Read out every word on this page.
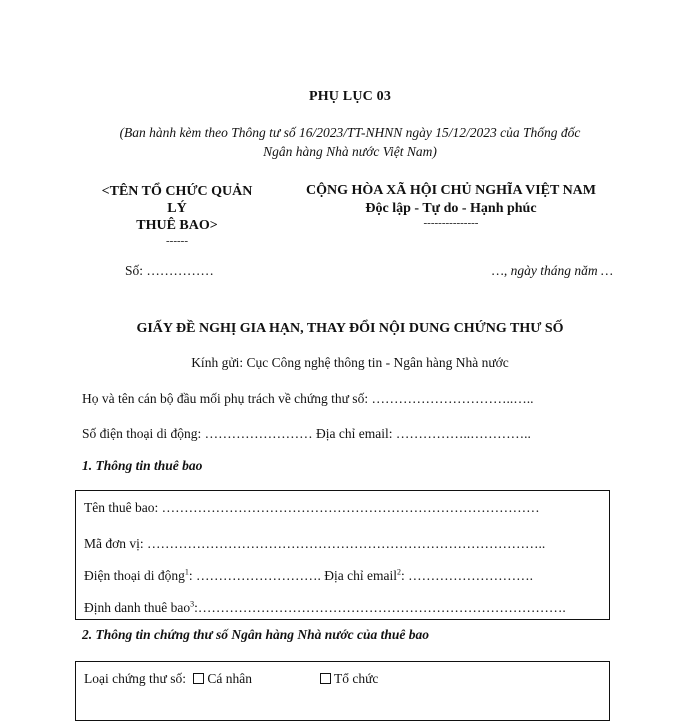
PHỤ LỤC 03
(Ban hành kèm theo Thông tư số 16/2023/TT-NHNN ngày 15/12/2023 của Thống đốc
Ngân hàng Nhà nước Việt Nam)
<TÊN TỔ CHỨC QUẢN
LÝ
THUÊ BAO>
------
CỘNG HÒA XÃ HỘI CHỦ NGHĨA VIỆT NAM
Độc lập - Tự do - Hạnh phúc
---------------
Số: ……………	…, ngày tháng năm …
GIẤY ĐỀ NGHỊ GIA HẠN, THAY ĐỔI NỘI DUNG CHỨNG THƯ SỐ
Kính gửi: Cục Công nghệ thông tin - Ngân hàng Nhà nước
Họ và tên cán bộ đầu mối phụ trách về chứng thư số: …………………………..…..
Số điện thoại di động: …………………… Địa chỉ email: ……………..…………..
1. Thông tin thuê bao
Tên thuê bao: …………………………………………………………………………
Mã đơn vị: ……………………………………………………………………………..
Điện thoại di động$^1$: ………………………. Địa chỉ email$^2$: ……………………….
Định danh thuê bao$^3$:……………………………………………………………………….
2. Thông tin chứng thư số Ngân hàng Nhà nước của thuê bao
Loại chứng thư số: Cá nhân	Tổ chức
